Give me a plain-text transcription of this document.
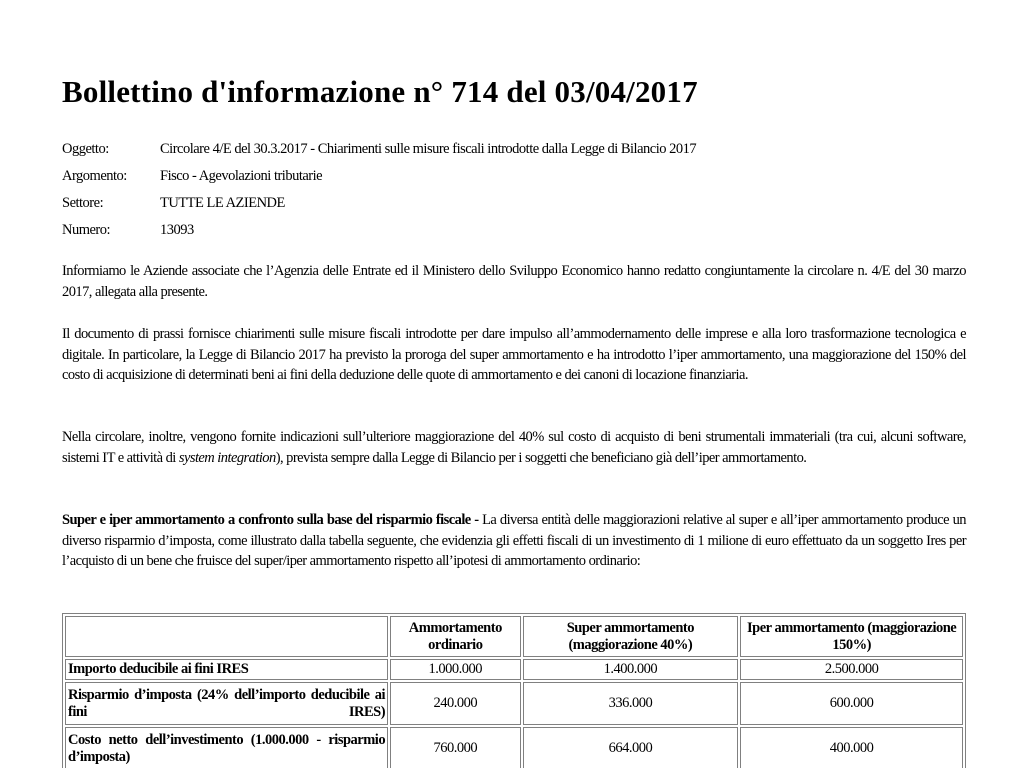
Bollettino d'informazione n° 714 del 03/04/2017
Oggetto:	Circolare 4/E del 30.3.2017 - Chiarimenti sulle misure fiscali introdotte dalla Legge di Bilancio 2017
Argomento:	Fisco - Agevolazioni tributarie
Settore:	TUTTE LE AZIENDE
Numero:	13093

Informiamo le Aziende associate che l’Agenzia delle Entrate ed il Ministero dello Sviluppo Economico hanno redatto congiuntamente la circolare n. 4/E del 30 marzo 2017, allegata alla presente.

Il documento di prassi fornisce chiarimenti sulle misure fiscali introdotte per dare impulso all’ammodernamento delle imprese e alla loro trasformazione tecnologica e digitale. In particolare, la Legge di Bilancio 2017 ha previsto la proroga del super ammortamento e ha introdotto l’iper ammortamento, una maggiorazione del 150% del costo di acquisizione di determinati beni ai fini della deduzione delle quote di ammortamento e dei canoni di locazione finanziaria.

Nella circolare, inoltre, vengono fornite indicazioni sull’ulteriore maggiorazione del 40% sul costo di acquisto di beni strumentali immateriali (tra cui, alcuni software, sistemi IT e attività di system integration), prevista sempre dalla Legge di Bilancio per i soggetti che beneficiano già dell’iper ammortamento.

Super e iper ammortamento a confronto sulla base del risparmio fiscale - La diversa entità delle maggiorazioni relative al super e all’iper ammortamento produce un diverso risparmio d’imposta, come illustrato dalla tabella seguente, che evidenzia gli effetti fiscali di un investimento di 1 milione di euro effettuato da un soggetto Ires per l’acquisto di un bene che fruisce del super/iper ammortamento rispetto all’ipotesi di ammortamento ordinario:

	Ammortamento ordinario	Super ammortamento (maggiorazione 40%)	Iper ammortamento (maggiorazione 150%)
Importo deducibile ai fini IRES	1.000.000	1.400.000	2.500.000
Risparmio d’imposta (24% dell’importo deducibile ai fini IRES)	240.000	336.000	600.000
Costo netto dell’investimento (1.000.000 - risparmio d’imposta)	760.000	664.000	400.000
